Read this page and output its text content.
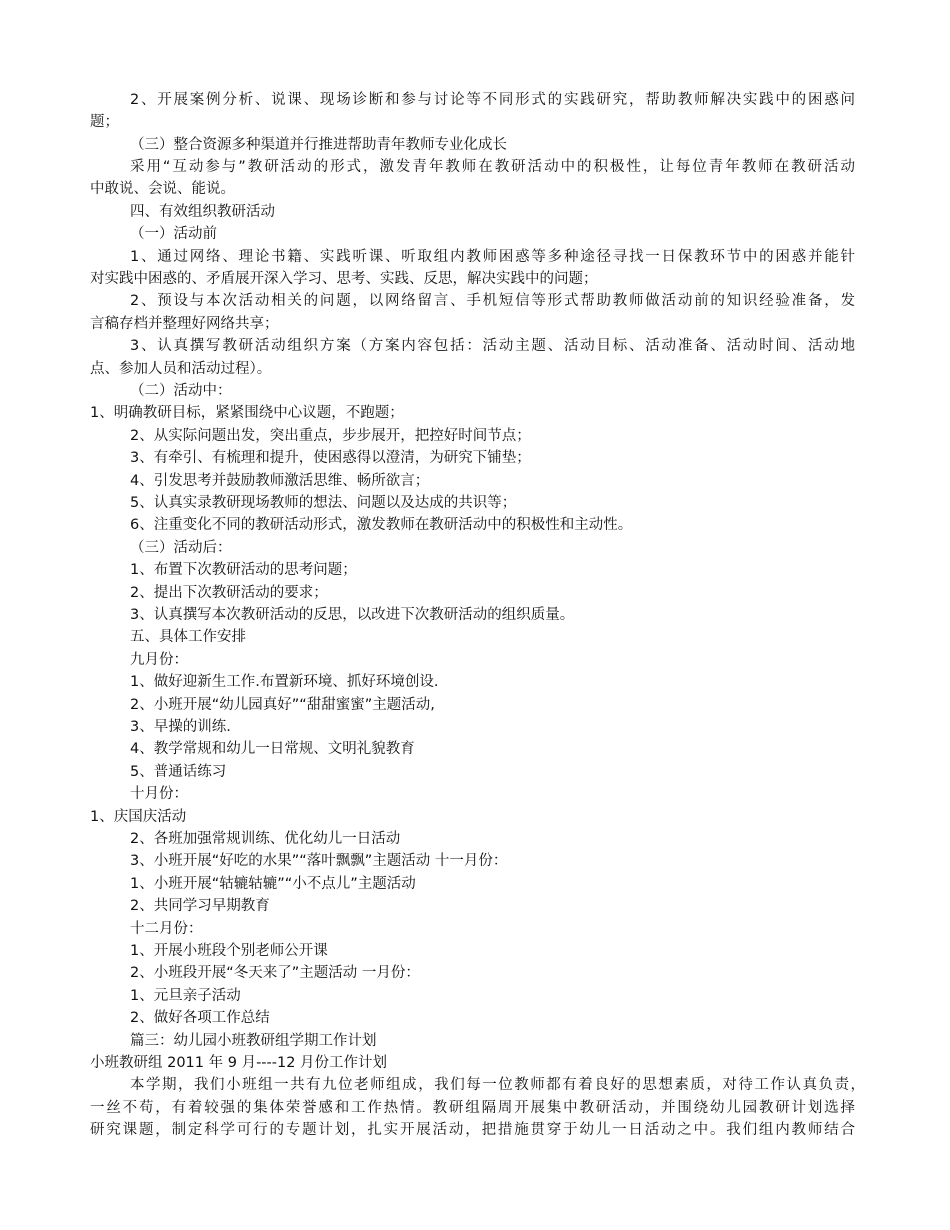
2、开展案例分析、说课、现场诊断和参与讨论等不同形式的实践研究，帮助教师解决实践中的困惑问
题；
（三）整合资源多种渠道并行推进帮助青年教师专业化成长
采用“互动参与”教研活动的形式，激发青年教师在教研活动中的积极性，让每位青年教师在教研活动
中敢说、会说、能说。
四、有效组织教研活动
（一）活动前
1、通过网络、理论书籍、实践听课、听取组内教师困惑等多种途径寻找一日保教环节中的困惑并能针
对实践中困惑的、矛盾展开深入学习、思考、实践、反思，解决实践中的问题；
2、预设与本次活动相关的问题，以网络留言、手机短信等形式帮助教师做活动前的知识经验准备，发
言稿存档并整理好网络共享；
3、认真撰写教研活动组织方案（方案内容包括：活动主题、活动目标、活动准备、活动时间、活动地
点、参加人员和活动过程）。
（二）活动中：
1、明确教研目标，紧紧围绕中心议题，不跑题；
2、从实际问题出发，突出重点，步步展开，把控好时间节点；
3、有牵引、有梳理和提升，使困惑得以澄清，为研究下铺垫；
4、引发思考并鼓励教师激活思维、畅所欲言；
5、认真实录教研现场教师的想法、问题以及达成的共识等；
6、注重变化不同的教研活动形式，激发教师在教研活动中的积极性和主动性。
（三）活动后：
1、布置下次教研活动的思考问题；
2、提出下次教研活动的要求；
3、认真撰写本次教研活动的反思，以改进下次教研活动的组织质量。
五、具体工作安排
九月份：
1、做好迎新生工作.布置新环境、抓好环境创设.
2、小班开展“幼儿园真好”“甜甜蜜蜜”主题活动,
3、早操的训练.
4、教学常规和幼儿一日常规、文明礼貌教育
5、普通话练习
十月份：
1、庆国庆活动
2、各班加强常规训练、优化幼儿一日活动
3、小班开展“好吃的水果”“落叶飘飘”主题活动 十一月份：
1、小班开展“轱辘轱辘”“小不点儿”主题活动
2、共同学习早期教育
十二月份：
1、开展小班段个别老师公开课
2、小班段开展“冬天来了”主题活动 一月份：
1、元旦亲子活动
2、做好各项工作总结
篇三：幼儿园小班教研组学期工作计划
小班教研组 2011 年 9 月----12 月份工作计划
本学期，我们小班组一共有九位老师组成，我们每一位教师都有着良好的思想素质，对待工作认真负责，
一丝不苟，有着较强的集体荣誉感和工作热情。教研组隔周开展集中教研活动，并围绕幼儿园教研计划选择
研究课题，制定科学可行的专题计划，扎实开展活动，把措施贯穿于幼儿一日活动之中。我们组内教师结合
